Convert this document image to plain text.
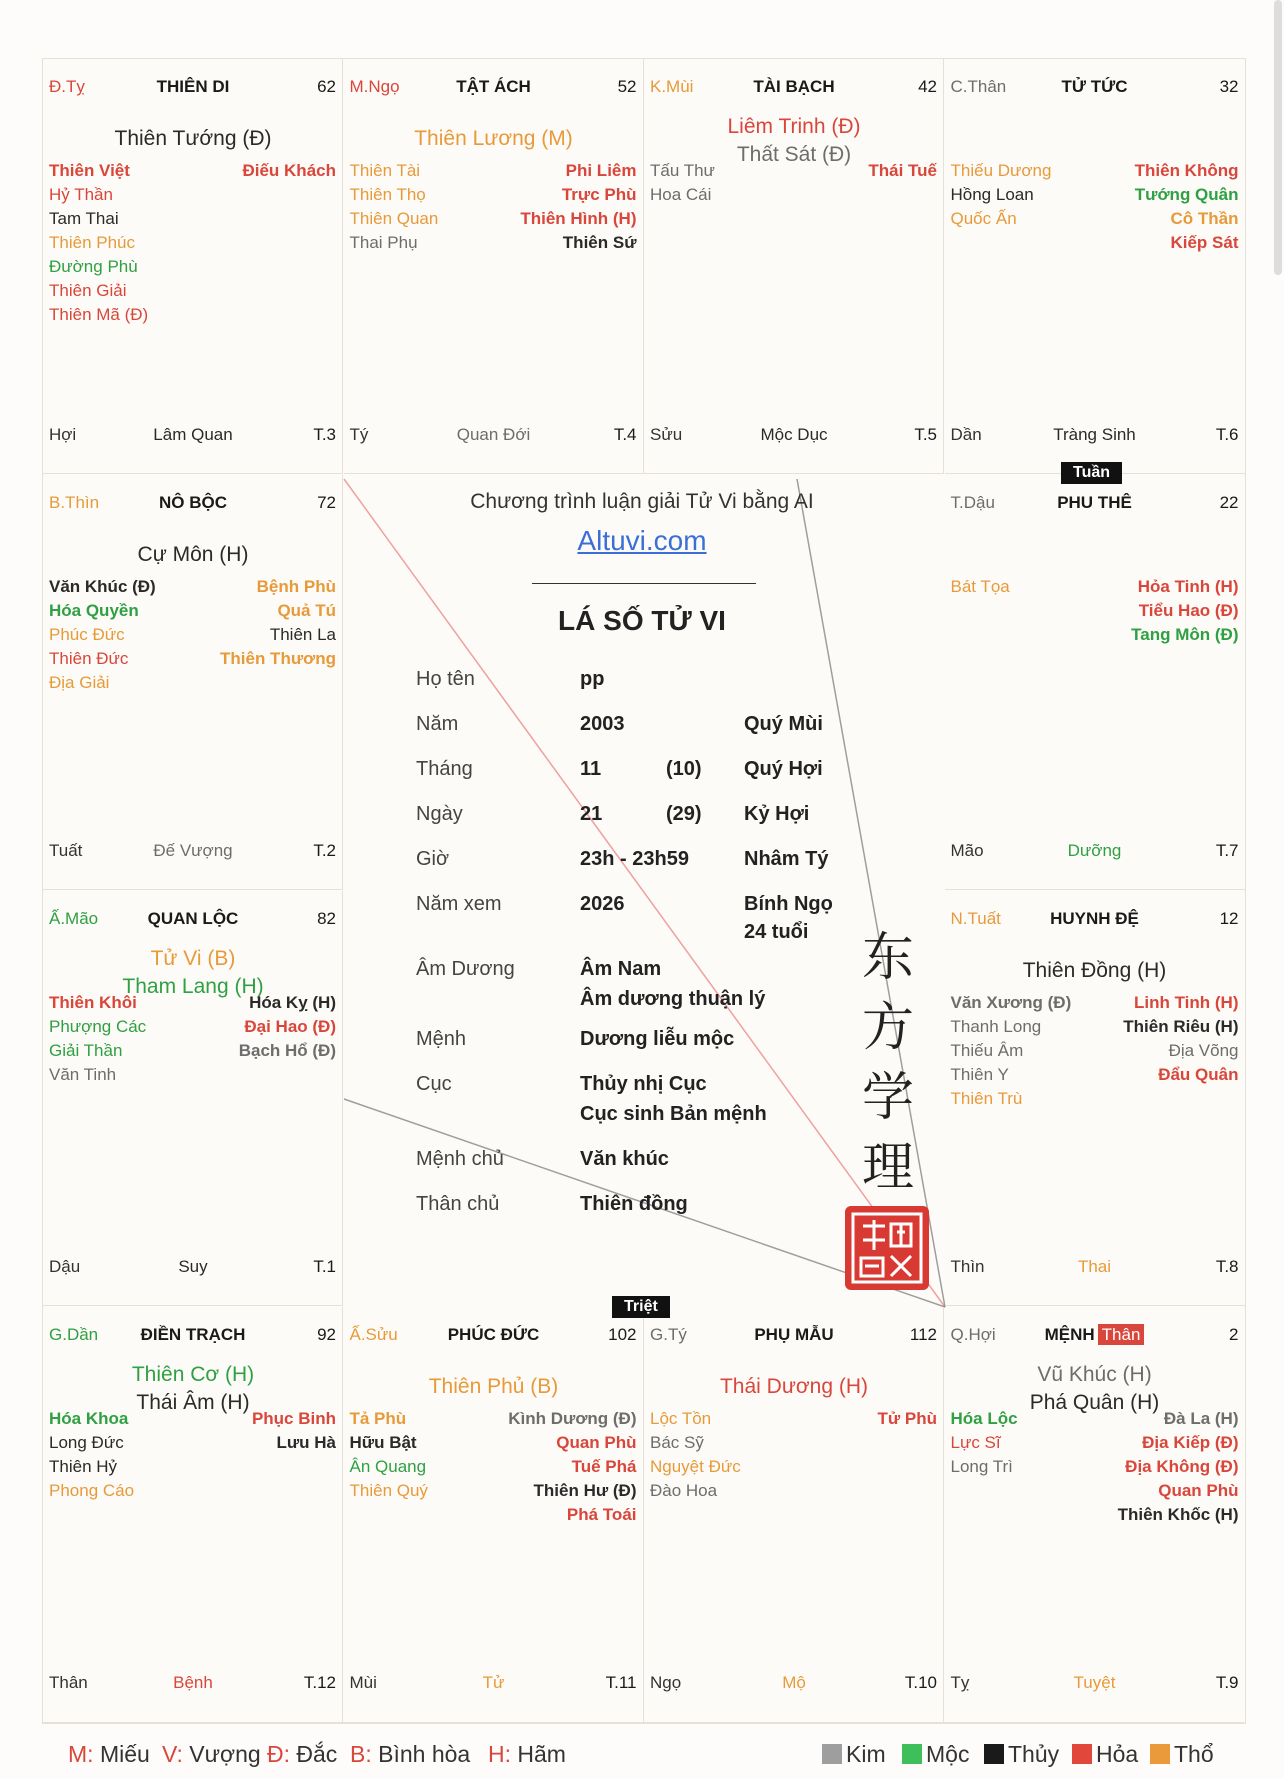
Đ.Tỵ	THIÊN DI	62
Thiên Tướng (Đ)
Thiên Việt
Hỷ Thần
Tam Thai
Thiên Phúc
Đường Phù
Thiên Giải
Thiên Mã (Đ)
Điếu Khách
Hợi	Lâm Quan	T.3
M.Ngọ	TẬT ÁCH	52
Thiên Lương (M)
Thiên Tài
Thiên Thọ
Thiên Quan
Thai Phụ
Phi Liêm
Trực Phù
Thiên Hình (H)
Thiên Sứ
Tý	Quan Đới	T.4
K.Mùi	TÀI BẠCH	42
Liêm Trinh (Đ)
Thất Sát (Đ)
Tấu Thư
Hoa Cái
Thái Tuế
Sửu	Mộc Dục	T.5
C.Thân	TỬ TỨC	32
Thiếu Dương
Hồng Loan
Quốc Ấn
Thiên Không
Tướng Quân
Cô Thần
Kiếp Sát
Dần	Tràng Sinh	T.6
B.Thìn	NÔ BỘC	72
Cự Môn (H)
Văn Khúc (Đ)
Hóa Quyền
Phúc Đức
Thiên Đức
Địa Giải
Bệnh Phù
Quả Tú
Thiên La
Thiên Thương
Tuất	Đế Vượng	T.2
T.Dậu	PHU THÊ	22
Bát Tọa	Hỏa Tinh (H)
Tiểu Hao (Đ)
Tang Môn (Đ)
Mão	Dưỡng	T.7
Ấ.Mão	QUAN LỘC	82
Tử Vi (B)
Tham Lang (H)
Thiên Khôi
Phượng Các
Giải Thần
Văn Tinh
Hóa Kỵ (H)
Đại Hao (Đ)
Bạch Hổ (Đ)
Dậu	Suy	T.1
N.Tuất	HUYNH ĐỆ	12
Thiên Đồng (H)
Văn Xương (Đ)
Thanh Long
Thiếu Âm
Thiên Y
Thiên Trù
Linh Tinh (H)
Thiên Riêu (H)
Địa Võng
Đẩu Quân
Thìn	Thai	T.8
G.Dần	ĐIỀN TRẠCH	92
Thiên Cơ (H)
Thái Âm (H)
Hóa Khoa
Long Đức
Thiên Hỷ
Phong Cáo
Phục Binh
Lưu Hà
Thân	Bệnh	T.12
Ấ.Sửu	PHÚC ĐỨC	102
Thiên Phủ (B)
Tả Phù
Hữu Bật
Ân Quang
Thiên Quý
Kình Dương (Đ)
Quan Phù
Tuế Phá
Thiên Hư (Đ)
Phá Toái
Mùi	Tử	T.11
G.Tý	PHỤ MẪU	112
Thái Dương (H)
Lộc Tồn
Bác Sỹ
Nguyệt Đức
Đào Hoa
Tử Phù
Ngọ	Mộ	T.10
Q.Hợi	MỆNH Thân	2
Vũ Khúc (H)
Phá Quân (H)
Hóa Lộc
Lực Sĩ
Long Trì
Đà La (H)
Địa Kiếp (Đ)
Địa Không (Đ)
Quan Phù
Thiên Khốc (H)
Tỵ	Tuyệt	T.9
Tuần
Triệt
Chương trình luận giải Tử Vi bằng AI
Altuvi.com
LÁ SỐ TỬ VI
Họ tên	pp
Năm	2003	Quý Mùi
Tháng	11	(10) Quý Hợi
Ngày	21	(29) Kỷ Hợi
Giờ	23h - 23h59	Nhâm Tý
Năm xem	2026	Bính Ngọ
24 tuổi
Âm Dương	Âm Nam
Âm dương thuận lý
Mệnh	Dương liễu mộc
Cục	Thủy nhị Cục
Cục sinh Bản mệnh
Mệnh chủ	Văn khúc
Thân chủ	Thiên đồng
东
方
学
理
M: Miếu V: Vượng Đ: Đắc B: Bình hòa H: Hãm	Kim	Mộc	Thủy	Hỏa	Thổ
